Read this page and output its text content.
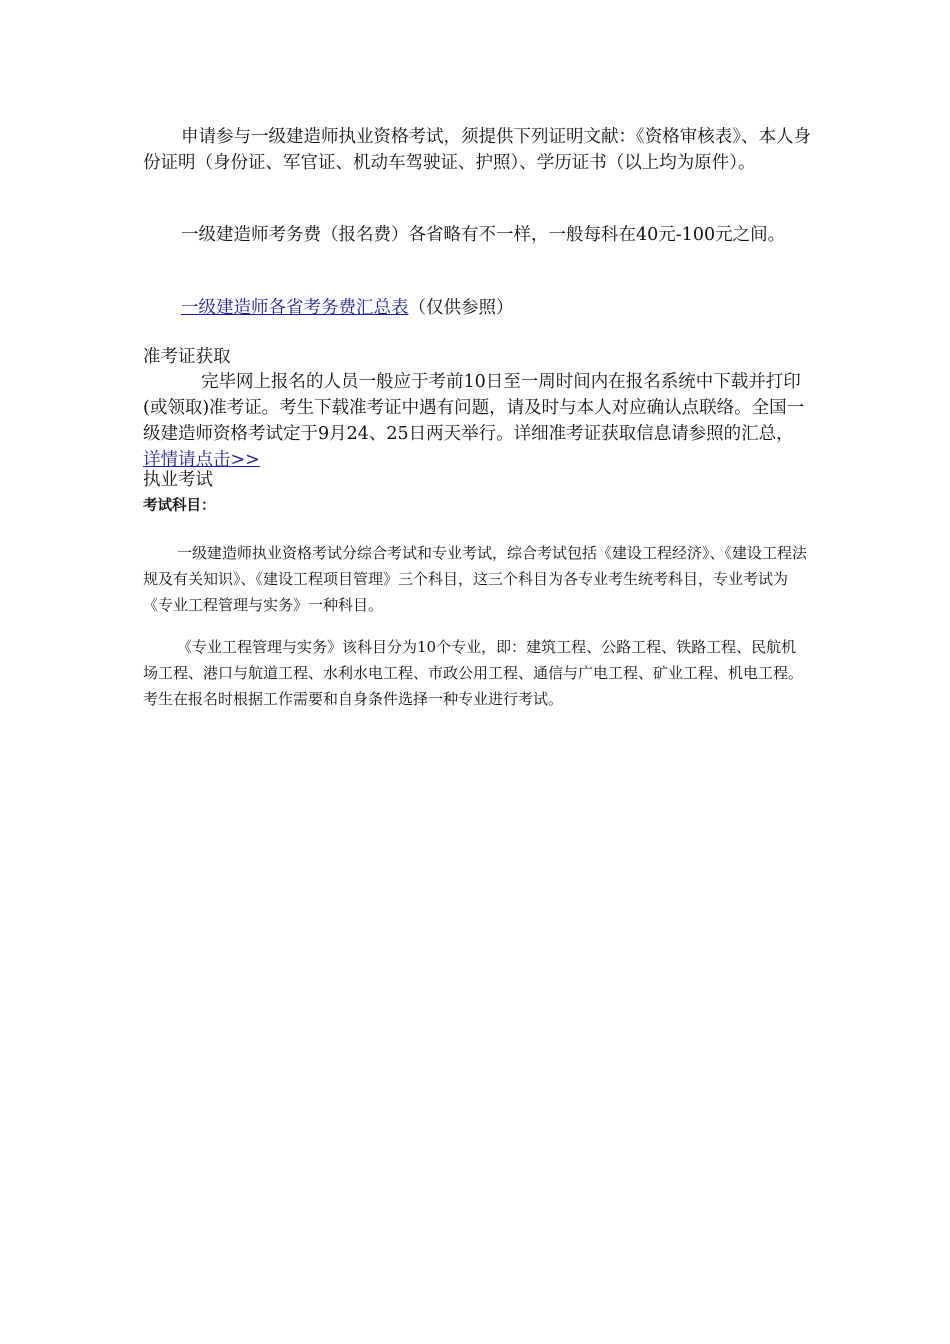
申请参与一级建造师执业资格考试，须提供下列证明文献：《资格审核表》、本人身份证明（身份证、军官证、机动车驾驶证、护照）、学历证书（以上均为原件）。

一级建造师考务费（报名费）各省略有不一样，一般每科在40元-100元之间。

一级建造师各省考务费汇总表（仅供参照）

准考证获取

完毕网上报名的人员一般应于考前10日至一周时间内在报名系统中下载并打印(或领取)准考证。考生下载准考证中遇有问题，请及时与本人对应确认点联络。全国一级建造师资格考试定于9月24、25日两天举行。详细准考证获取信息请参照的汇总，详情请点击>>

执业考试

考试科目：

一级建造师执业资格考试分综合考试和专业考试，综合考试包括《建设工程经济》、《建设工程法规及有关知识》、《建设工程项目管理》三个科目，这三个科目为各专业考生统考科目，专业考试为《专业工程管理与实务》一种科目。

《专业工程管理与实务》该科目分为10个专业，即：建筑工程、公路工程、铁路工程、民航机场工程、港口与航道工程、水利水电工程、市政公用工程、通信与广电工程、矿业工程、机电工程。考生在报名时根据工作需要和自身条件选择一种专业进行考试。
